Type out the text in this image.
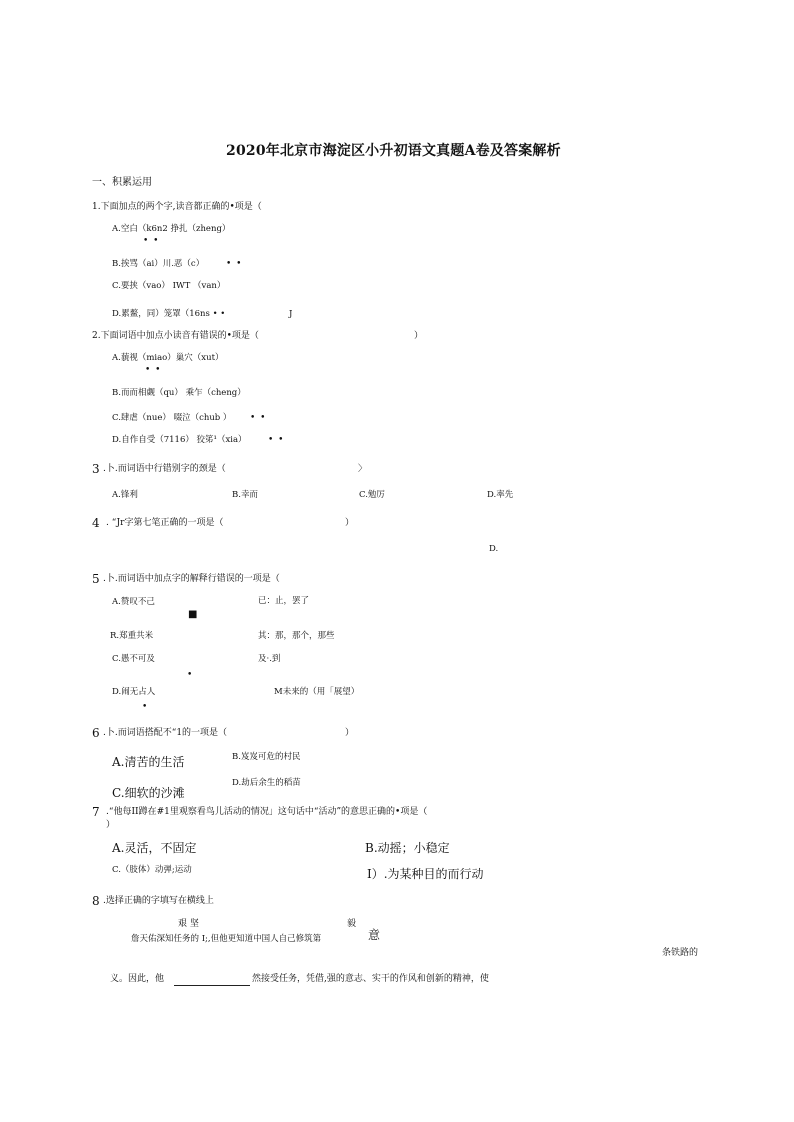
2020年北京市海淀区小升初语文真题A卷及答案解析
一、积累运用
1.下面加点的两个字,读音都正确的•项是（
A.空白（k6n2 挣扎（zheng）
• •
B.挨骂（ai）川.恶（c） • •
C.要挟（vao） IWT （van）
D.累鳌，同）笼罩（16ns • •	J
2.下面词语中加点小读音有错误的•项是（	）
A.藐视（miao）巢穴（xut）
• •
B.而而相觑（qu） 乘乍（cheng）
C.肆虐（nue） 啜泣（chub ） • •
D.自作自受（7116） 狡笫¹（xia） • •
3 .卜.而词语中行错别字的颈是（	〉
A.锋利	B.幸而	C.勉厉	D.率先
4 . “Jr字第七笔正确的一项是（	）
D.
5 .卜.而词语中加点字的解释行错误的一项是（
A.赞叹不己	已：止，罢了
■
R.郑重共米	其：那，那个，那些
C.愚不可及	及·.到
•
D.闹无占人	M未来的（用「展望）
•
6 .卜.而词语搭配不“1的一项是（	）
A.清苦的生活	B.岌岌可危的村民
C.细软的沙滩
D.劫后余生的稻苗
7 .“他每II蹲在#1里观察看鸟儿活动的情况」这句话中“活动”的意思正确的•项是（
）
A.灵活，不固定	B.动摇；小稳定
C.（肢体）动弹;运动	I）.为某种目的而行动
8 .选择正确的字填写在横线上
艰 坚	毅
意
詹天佑深知任务的 I;,但他更知道中国人自己修筑第
条铁路的
义。因此，他	然接受任务，凭借,强的意志、实干的作风和创新的精神，使
